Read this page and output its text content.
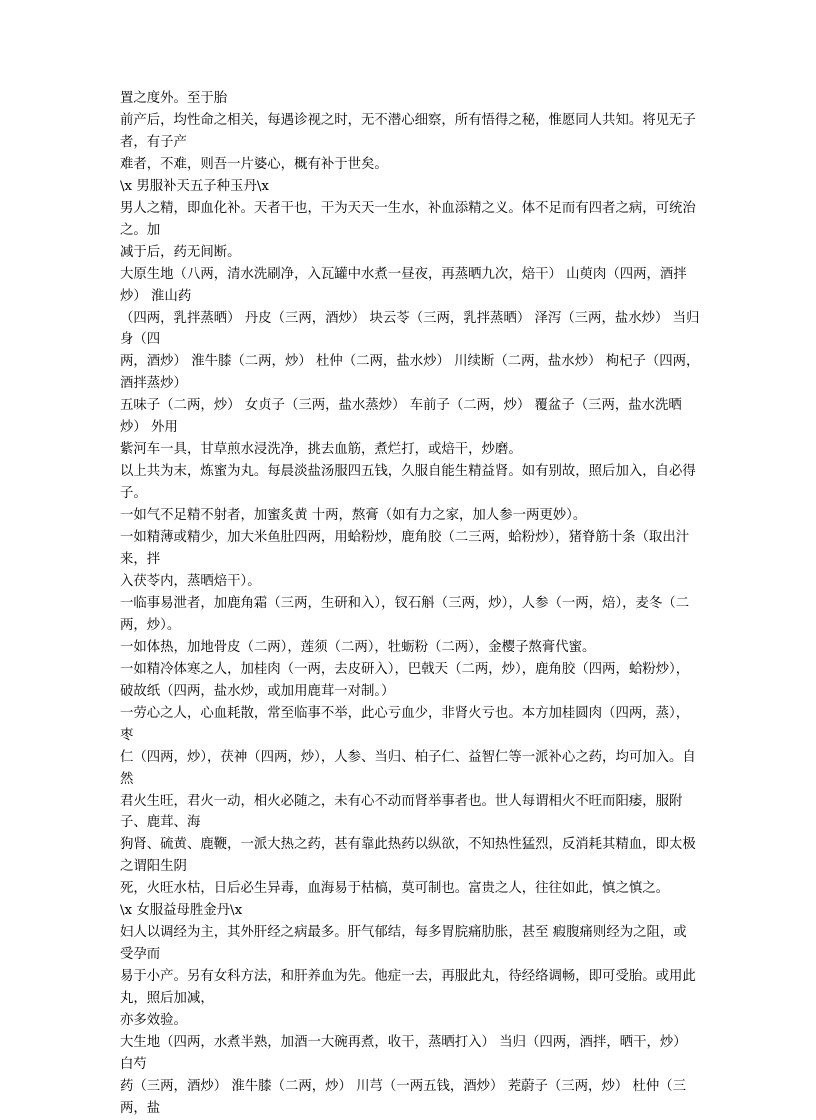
置之度外。至于胎
前产后，均性命之相关，每遇诊视之时，无不潜心细察，所有悟得之秘，惟愿同人共知。将见无子者，有子产
难者，不难，则吾一片婆心，概有补于世矣。
\x 男服补天五子种玉丹\x
男人之精，即血化补。天者干也，干为天天一生水，补血添精之义。体不足而有四者之病，可统治之。加
减于后，药无间断。
大原生地（八两，清水洗刷净，入瓦罐中水煮一昼夜，再蒸晒九次，焙干） 山萸肉（四两，酒拌炒） 淮山药
（四两，乳拌蒸晒） 丹皮（三两，酒炒） 块云苓（三两，乳拌蒸晒） 泽泻（三两，盐水炒） 当归身（四
两，酒炒） 淮牛膝（二两，炒） 杜仲（二两，盐水炒） 川续断（二两，盐水炒） 枸杞子（四两，酒拌蒸炒）
五味子（二两，炒） 女贞子（三两，盐水蒸炒） 车前子（二两，炒） 覆盆子（三两，盐水洗晒炒） 外用
紫河车一具，甘草煎水浸洗净，挑去血筋，煮烂打，或焙干，炒磨。
以上共为末，炼蜜为丸。每晨淡盐汤服四五钱，久服自能生精益肾。如有别故，照后加入，自必得子。
一如气不足精不射者，加蜜炙黄 十两，熬膏（如有力之家，加人参一两更妙）。
一如精薄或精少，加大米鱼肚四两，用蛤粉炒，鹿角胶（二三两，蛤粉炒），猪脊筋十条（取出汁来，拌
入茯苓内，蒸晒焙干）。
一临事易泄者，加鹿角霜（三两，生研和入），钗石斛（三两，炒），人参（一两，焙），麦冬（二两，炒）。
一如体热，加地骨皮（二两），莲须（二两），牡蛎粉（二两），金樱子熬膏代蜜。
一如精冷体寒之人，加桂肉（一两，去皮研入），巴戟天（二两，炒），鹿角胶（四两，蛤粉炒），破故纸（四两，盐水炒，或加用鹿茸一对制。）
一劳心之人，心血耗散，常至临事不举，此心亏血少，非肾火亏也。本方加桂圆肉（四两，蒸），枣
仁（四两，炒），茯神（四两，炒），人参、当归、柏子仁、益智仁等一派补心之药，均可加入。自然
君火生旺，君火一动，相火必随之，未有心不动而肾举事者也。世人每谓相火不旺而阳痿，服附子、鹿茸、海
狗肾、硫黄、鹿鞭，一派大热之药，甚有靠此热药以纵欲，不知热性猛烈，反消耗其精血，即太极之谓阳生阴
死，火旺水枯，日后必生异毒，血海易于枯槁，莫可制也。富贵之人，往往如此，慎之慎之。
\x 女服益母胜金丹\x
妇人以调经为主，其外肝经之病最多。肝气郁结，每多胃脘痛肋胀，甚至 瘕腹痛则经为之阻，或受孕而
易于小产。另有女科方法，和肝养血为先。他症一去，再服此丸，待经络调畅，即可受胎。或用此丸，照后加减，
亦多效验。
大生地（四两，水煮半熟，加酒一大碗再煮，收干，蒸晒打入） 当归（四两，酒拌，晒干，炒） 白芍
药（三两，酒炒） 淮牛膝（二两，炒） 川芎（一两五钱，酒炒） 茺蔚子（三两，炒） 杜仲（三两，盐
